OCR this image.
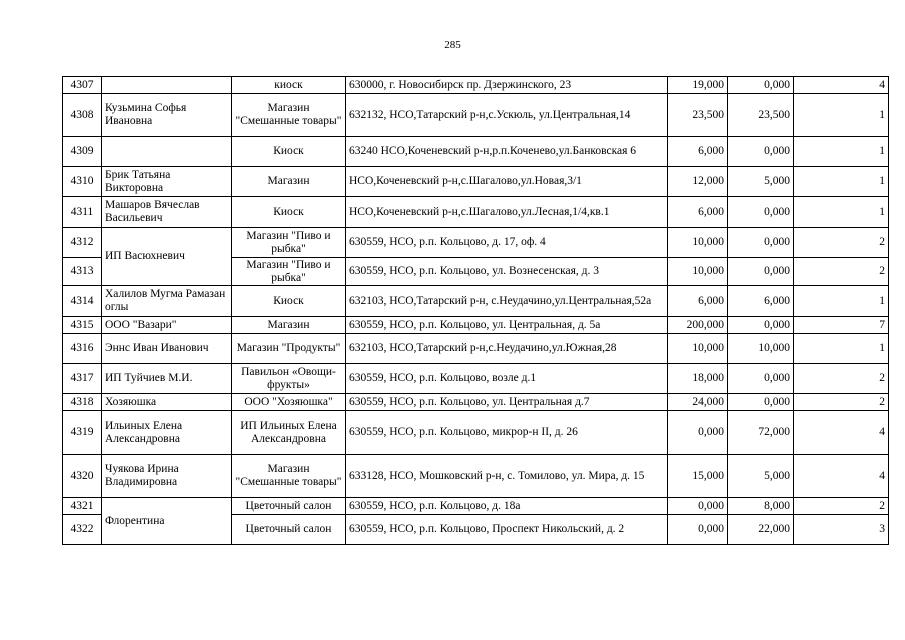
285
4307		киоск	630000, г. Новосибирск пр. Дзержинского, 23	19,000	0,000	4
4308	Кузьмина Софья Ивановна	Магазин "Смешанные товары"	632132, НСО,Татарский р-н,с.Ускюль, ул.Центральная,14	23,500	23,500	1
4309		Киоск	63240 НСО,Коченевский р-н,р.п.Коченево,ул.Банковская 6	6,000	0,000	1
4310	Брик Татьяна Викторовна	Магазин	НСО,Коченевский р-н,с.Шагалово,ул.Новая,3/1	12,000	5,000	1
4311	Машаров Вячеслав Васильевич	Киоск	НСО,Коченевский р-н,с.Шагалово,ул.Лесная,1/4,кв.1	6,000	0,000	1
4312	ИП Васюхневич	Магазин "Пиво и рыбка"	630559, НСО, р.п. Кольцово, д. 17, оф. 4	10,000	0,000	2
4313		Магазин "Пиво и рыбка"	630559, НСО, р.п. Кольцово, ул. Вознесенская, д. 3	10,000	0,000	2
4314	Халилов Мугма Рамазан оглы	Киоск	632103, НСО,Татарский р-н, с.Неудачино,ул.Центральная,52а	6,000	6,000	1
4315	ООО "Вазари"	Магазин	630559, НСО, р.п. Кольцово, ул. Центральная, д. 5а	200,000	0,000	7
4316	Эннс Иван Иванович	Магазин "Продукты"	632103, НСО,Татарский р-н,с.Неудачино,ул.Южная,28	10,000	10,000	1
4317	ИП Туйчиев М.И.	Павильон «Овощи-фрукты»	630559, НСО, р.п. Кольцово, возле д.1	18,000	0,000	2
4318	Хозяюшка	ООО "Хозяюшка"	630559, НСО, р.п. Кольцово, ул. Центральная д.7	24,000	0,000	2
4319	Ильиных Елена Александровна	ИП Ильиных Елена Александровна	630559, НСО, р.п. Кольцово, микрор-н II, д. 26	0,000	72,000	4
4320	Чуякова Ирина Владимировна	Магазин "Смешанные товары"	633128, НСО, Мошковский р-н, с. Томилово, ул. Мира, д. 15	15,000	5,000	4
4321	Флорентина	Цветочный салон	630559, НСО, р.п. Кольцово, д. 18а	0,000	8,000	2
4322		Цветочный салон	630559, НСО, р.п. Кольцово, Проспект Никольский, д. 2	0,000	22,000	3
